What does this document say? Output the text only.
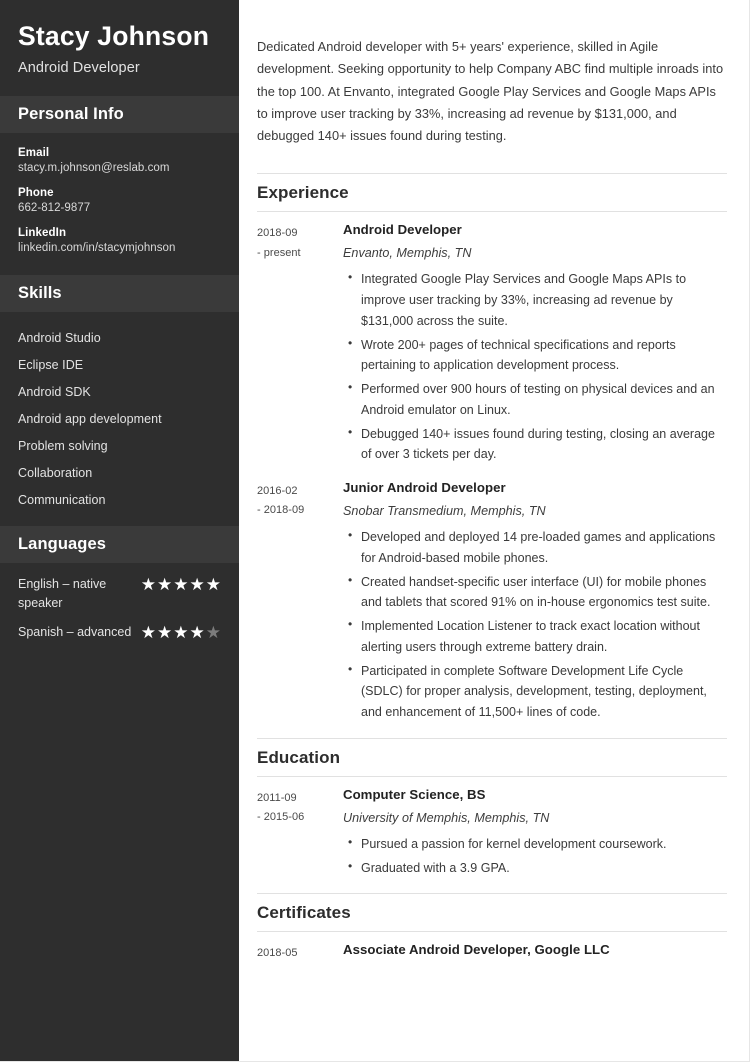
Stacy Johnson
Android Developer
Personal Info
Email
stacy.m.johnson@reslab.com
Phone
662-812-9877
LinkedIn
linkedin.com/in/stacymjohnson
Skills
Android Studio
Eclipse IDE
Android SDK
Android app development
Problem solving
Collaboration
Communication
Languages
English – native speaker
★★★★★
Spanish – advanced ★★★★★

Dedicated Android developer with 5+ years' experience, skilled in Agile development. Seeking opportunity to help Company ABC find multiple inroads into the top 100. At Envanto, integrated Google Play Services and Google Maps APIs to improve user tracking by 33%, increasing ad revenue by $131,000, and debugged 140+ issues found during testing.

Experience
2018-09
- present
Android Developer
Envanto, Memphis, TN
• Integrated Google Play Services and Google Maps APIs to improve user tracking by 33%, increasing ad revenue by $131,000 across the suite.
• Wrote 200+ pages of technical specifications and reports pertaining to application development process.
• Performed over 900 hours of testing on physical devices and an Android emulator on Linux.
• Debugged 140+ issues found during testing, closing an average of over 3 tickets per day.
2016-02
- 2018-09
Junior Android Developer
Snobar Transmedium, Memphis, TN
• Developed and deployed 14 pre-loaded games and applications for Android-based mobile phones.
• Created handset-specific user interface (UI) for mobile phones and tablets that scored 91% on in-house ergonomics test suite.
• Implemented Location Listener to track exact location without alerting users through extreme battery drain.
• Participated in complete Software Development Life Cycle (SDLC) for proper analysis, development, testing, deployment, and enhancement of 11,500+ lines of code.
Education
2011-09
- 2015-06
Computer Science, BS
University of Memphis, Memphis, TN
• Pursued a passion for kernel development coursework.
• Graduated with a 3.9 GPA.
Certificates
2018-05	Associate Android Developer, Google LLC
